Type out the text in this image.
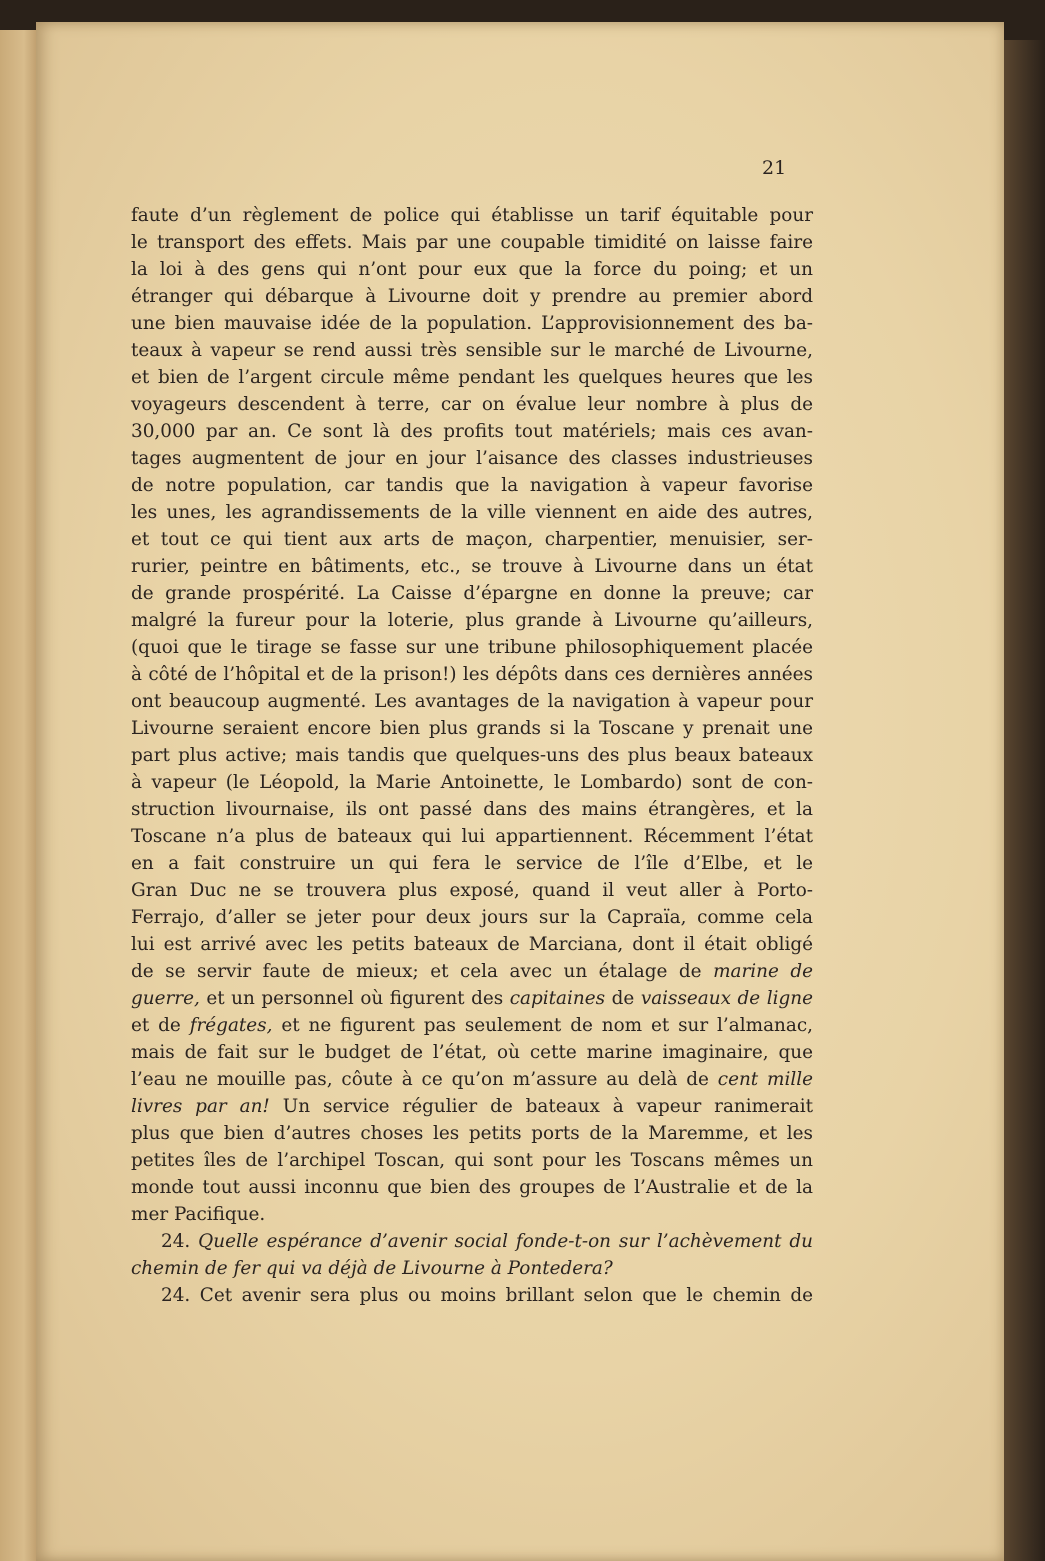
21
faute d’un règlement de police qui établisse un tarif équitable pour
le transport des effets. Mais par une coupable timidité on laisse faire
la loi à des gens qui n’ont pour eux que la force du poing; et un
étranger qui débarque à Livourne doit y prendre au premier abord
une bien mauvaise idée de la population. L’approvisionnement des ba-
teaux à vapeur se rend aussi très sensible sur le marché de Livourne,
et bien de l’argent circule même pendant les quelques heures que les
voyageurs descendent à terre, car on évalue leur nombre à plus de
30,000 par an. Ce sont là des profits tout matériels; mais ces avan-
tages augmentent de jour en jour l’aisance des classes industrieuses
de notre population, car tandis que la navigation à vapeur favorise
les unes, les agrandissements de la ville viennent en aide des autres,
et tout ce qui tient aux arts de maçon, charpentier, menuisier, ser-
rurier, peintre en bâtiments, etc., se trouve à Livourne dans un état
de grande prospérité. La Caisse d’épargne en donne la preuve; car
malgré la fureur pour la loterie, plus grande à Livourne qu’ailleurs,
(quoi que le tirage se fasse sur une tribune philosophiquement placée
à côté de l’hôpital et de la prison!) les dépôts dans ces dernières années
ont beaucoup augmenté. Les avantages de la navigation à vapeur pour
Livourne seraient encore bien plus grands si la Toscane y prenait une
part plus active; mais tandis que quelques-uns des plus beaux bateaux
à vapeur (le Léopold, la Marie Antoinette, le Lombardo) sont de con-
struction livournaise, ils ont passé dans des mains étrangères, et la
Toscane n’a plus de bateaux qui lui appartiennent. Récemment l’état
en a fait construire un qui fera le service de l’île d’Elbe, et le
Gran Duc ne se trouvera plus exposé, quand il veut aller à Porto-
Ferrajo, d’aller se jeter pour deux jours sur la Capraïa, comme cela
lui est arrivé avec les petits bateaux de Marciana, dont il était obligé
de se servir faute de mieux; et cela avec un étalage de marine de
guerre, et un personnel où figurent des capitaines de vaisseaux de ligne
et de frégates, et ne figurent pas seulement de nom et sur l’almanac,
mais de fait sur le budget de l’état, où cette marine imaginaire, que
l’eau ne mouille pas, côute à ce qu’on m’assure au delà de cent mille
livres par an! Un service régulier de bateaux à vapeur ranimerait
plus que bien d’autres choses les petits ports de la Maremme, et les
petites îles de l’archipel Toscan, qui sont pour les Toscans mêmes un
monde tout aussi inconnu que bien des groupes de l’Australie et de la
mer Pacifique.
24. Quelle espérance d’avenir social fonde-t-on sur l’achèvement du
chemin de fer qui va déjà de Livourne à Pontedera?
24. Cet avenir sera plus ou moins brillant selon que le chemin de
